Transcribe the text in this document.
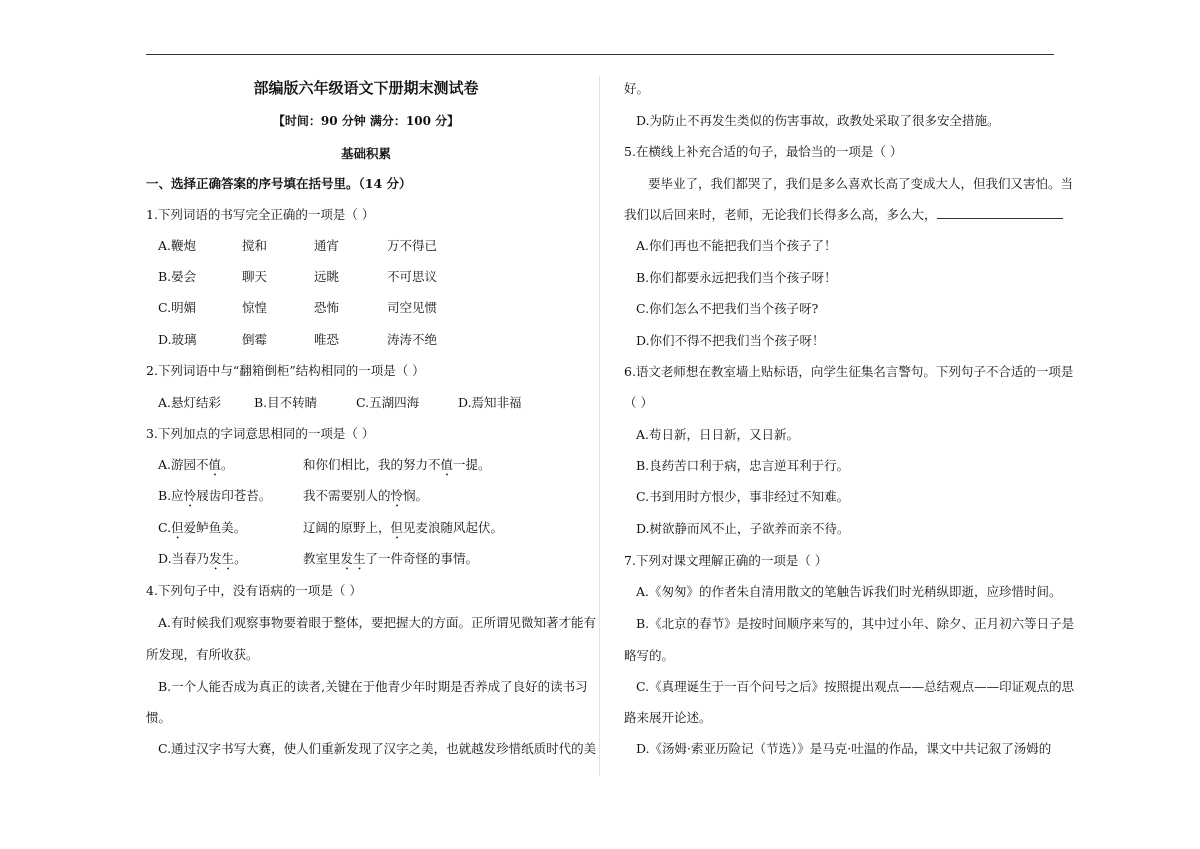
部编版六年级语文下册期末测试卷
【时间：90 分钟 满分：100 分】
基础积累
一、选择正确答案的序号填在括号里。（14 分）
1.下列词语的书写完全正确的一项是（ ）
A.鞭炮	搅和	通宵	万不得已
B.晏会	聊天	远眺	不可思议
C.明媚	惊惶	恐怖	司空见惯
D.玻璃	倒霉	唯恐	涛涛不绝
2.下列词语中与“翻箱倒柜”结构相同的一项是（ ）
A.悬灯结彩	B.目不转睛	C.五湖四海	D.焉知非福
3.下列加点的字词意思相同的一项是（ ）
A.游园不值。	和你们相比，我的努力不值一提。
B.应怜屐齿印苍苔。	我不需要别人的怜悯。
C.但爱鲈鱼美。	辽阔的原野上，但见麦浪随风起伏。
D.当春乃发生。	教室里发生了一件奇怪的事情。
4.下列句子中，没有语病的一项是（ ）
A.有时候我们观察事物要着眼于整体，要把握大的方面。正所谓见微知著才能有
所发现，有所收获。
B.一个人能否成为真正的读者,关键在于他青少年时期是否养成了良好的读书习
惯。
C.通过汉字书写大赛，使人们重新发现了汉字之美，也就越发珍惜纸质时代的美
好。
D.为防止不再发生类似的伤害事故，政教处采取了很多安全措施。
5.在横线上补充合适的句子，最恰当的一项是（ ）
要毕业了，我们都哭了，我们是多么喜欢长高了变成大人，但我们又害怕。当
我们以后回来时，老师，无论我们长得多么高，多么大，
A.你们再也不能把我们当个孩子了！
B.你们都要永远把我们当个孩子呀！
C.你们怎么不把我们当个孩子呀?
D.你们不得不把我们当个孩子呀！
6.语文老师想在教室墙上贴标语，向学生征集名言警句。下列句子不合适的一项是
（ ）
A.苟日新，日日新，又日新。
B.良药苦口利于病，忠言逆耳利于行。
C.书到用时方恨少，事非经过不知难。
D.树欲静而风不止，子欲养而亲不待。
7.下列对课文理解正确的一项是（ ）
A.《匆匆》的作者朱自清用散文的笔触告诉我们时光稍纵即逝，应珍惜时间。
B.《北京的春节》是按时间顺序来写的，其中过小年、除夕、正月初六等日子是
略写的。
C.《真理诞生于一百个问号之后》按照提出观点——总结观点——印证观点的思
路来展开论述。
D.《汤姆·索亚历险记（节选）》是马克·吐温的作品，课文中共记叙了汤姆的
